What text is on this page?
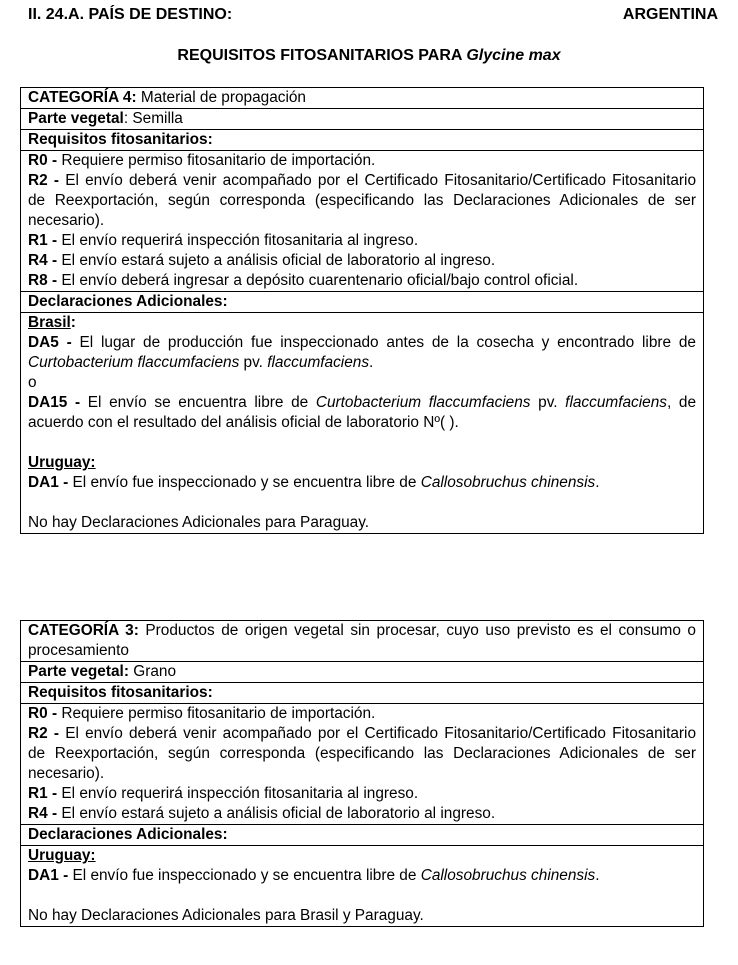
II. 24.A. PAÍS DE DESTINO:	ARGENTINA
REQUISITOS FITOSANITARIOS PARA Glycine max
CATEGORÍA 4: Material de propagación
Parte vegetal: Semilla
Requisitos fitosanitarios:

R0 - Requiere permiso fitosanitario de importación.
R2 - El envío deberá venir acompañado por el Certificado Fitosanitario/Certificado Fitosanitario de Reexportación, según corresponda (especificando las Declaraciones Adicionales de ser necesario).
R1 - El envío requerirá inspección fitosanitaria al ingreso.
R4 - El envío estará sujeto a análisis oficial de laboratorio al ingreso.
R8 - El envío deberá ingresar a depósito cuarentenario oficial/bajo control oficial.

Declaraciones Adicionales:

Brasil:
DA5 - El lugar de producción fue inspeccionado antes de la cosecha y encontrado libre de Curtobacterium flaccumfaciens pv. flaccumfaciens.
o
DA15 - El envío se encuentra libre de Curtobacterium flaccumfaciens pv. flaccumfaciens, de acuerdo con el resultado del análisis oficial de laboratorio Nº( ).
Uruguay:
DA1 - El envío fue inspeccionado y se encuentra libre de Callosobruchus chinensis.
No hay Declaraciones Adicionales para Paraguay.
CATEGORÍA 3: Productos de origen vegetal sin procesar, cuyo uso previsto es el consumo o procesamiento
Parte vegetal: Grano
Requisitos fitosanitarios:

R0 - Requiere permiso fitosanitario de importación.
R2 - El envío deberá venir acompañado por el Certificado Fitosanitario/Certificado Fitosanitario de Reexportación, según corresponda (especificando las Declaraciones Adicionales de ser necesario).
R1 - El envío requerirá inspección fitosanitaria al ingreso.
R4 - El envío estará sujeto a análisis oficial de laboratorio al ingreso.

Declaraciones Adicionales:

Uruguay:
DA1 - El envío fue inspeccionado y se encuentra libre de Callosobruchus chinensis.
No hay Declaraciones Adicionales para Brasil y Paraguay.
